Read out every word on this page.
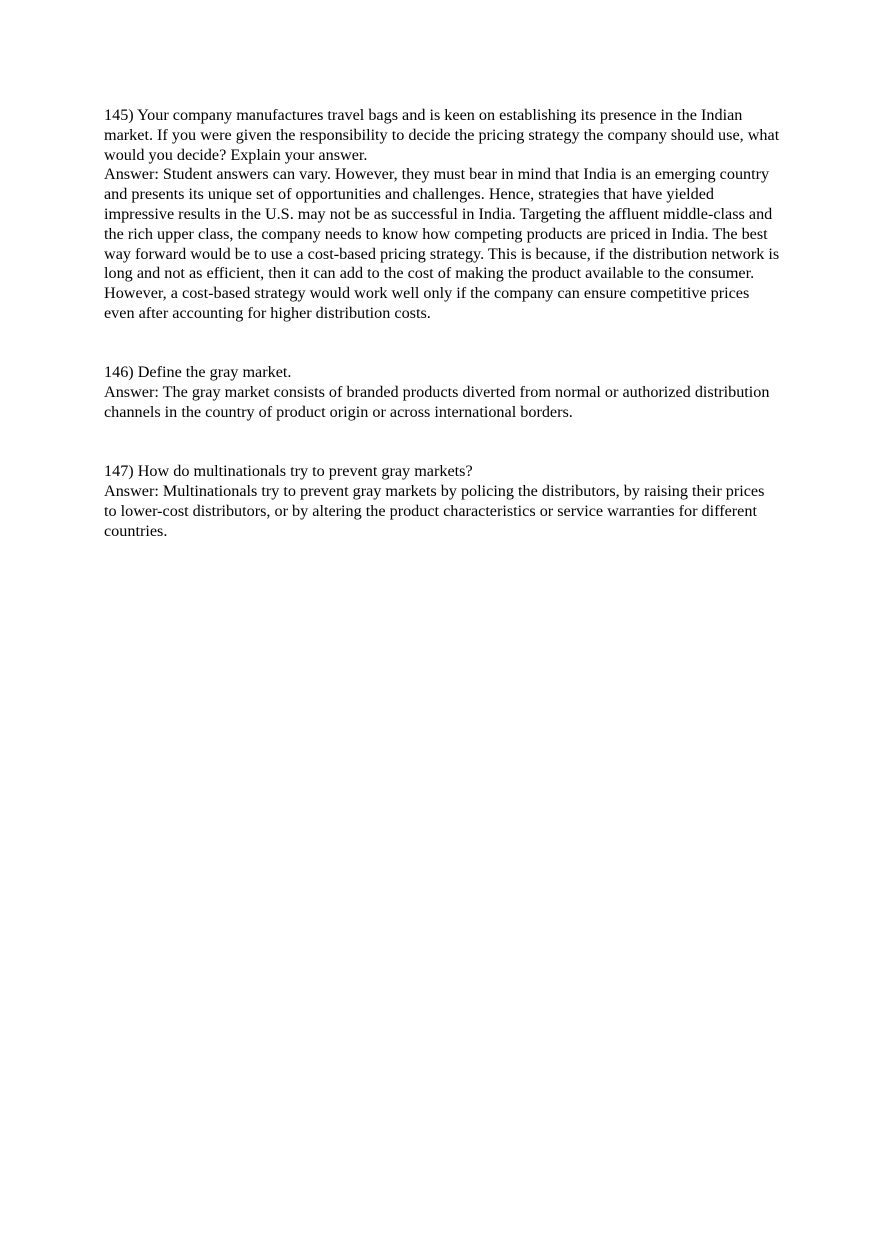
145) Your company manufactures travel bags and is keen on establishing its presence in the Indian market. If you were given the responsibility to decide the pricing strategy the company should use, what would you decide? Explain your answer.

Answer: Student answers can vary. However, they must bear in mind that India is an emerging country and presents its unique set of opportunities and challenges. Hence, strategies that have yielded impressive results in the U.S. may not be as successful in India. Targeting the affluent middle-class and the rich upper class, the company needs to know how competing products are priced in India. The best way forward would be to use a cost-based pricing strategy. This is because, if the distribution network is long and not as efficient, then it can add to the cost of making the product available to the consumer. However, a cost-based strategy would work well only if the company can ensure competitive prices even after accounting for higher distribution costs.

146) Define the gray market.

Answer: The gray market consists of branded products diverted from normal or authorized distribution channels in the country of product origin or across international borders.

147) How do multinationals try to prevent gray markets?

Answer: Multinationals try to prevent gray markets by policing the distributors, by raising their prices to lower-cost distributors, or by altering the product characteristics or service warranties for different countries.
